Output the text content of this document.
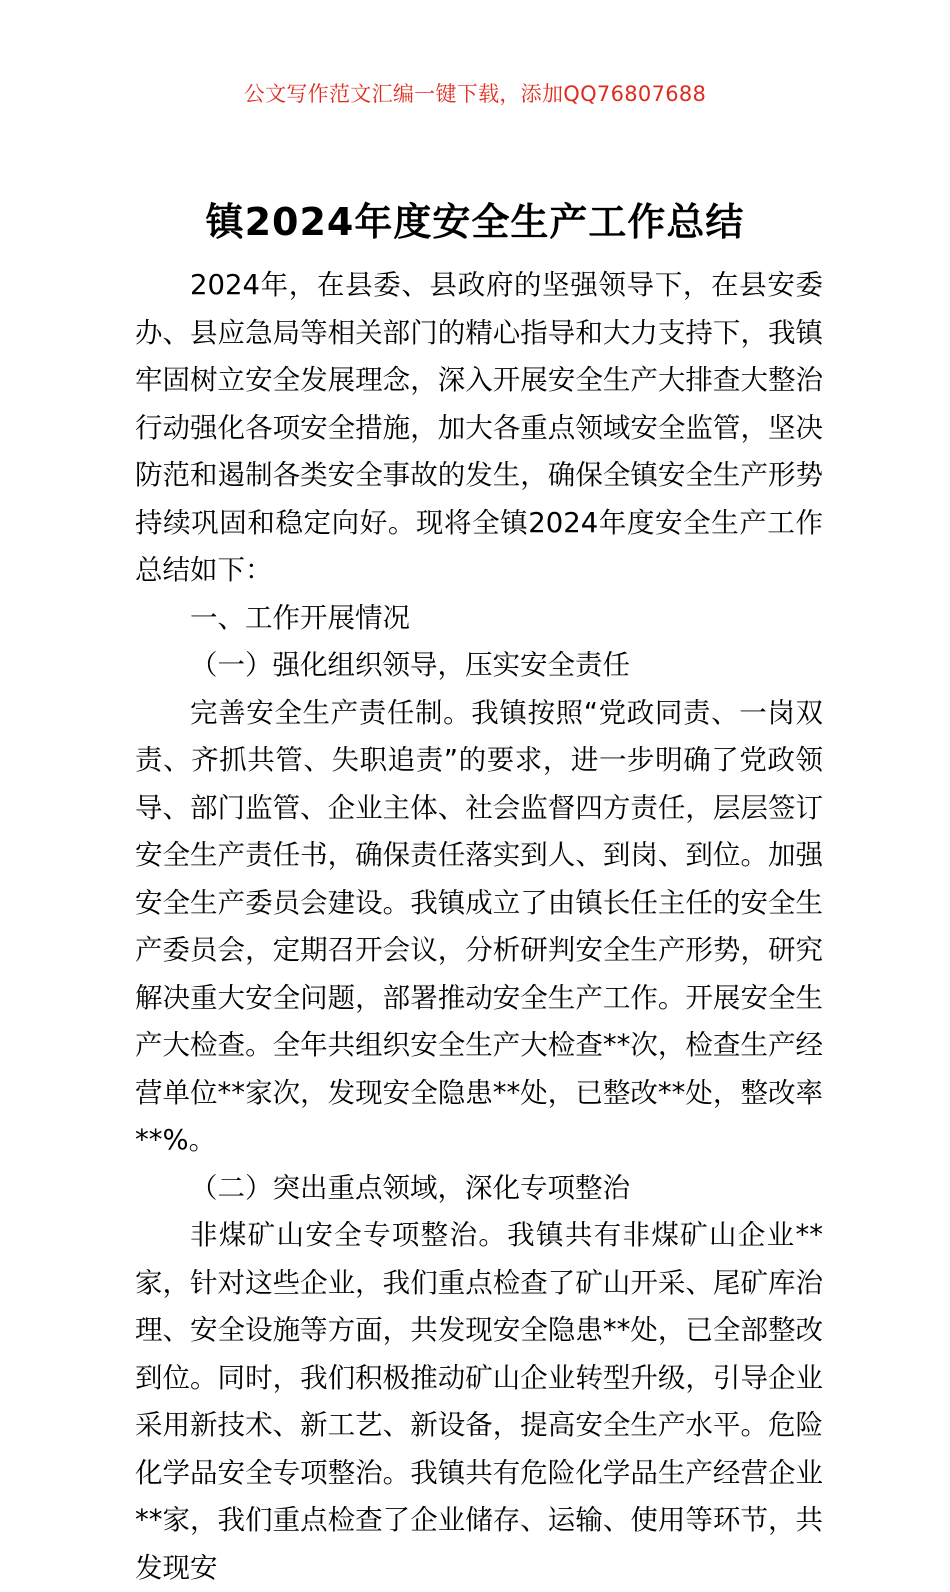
公文写作范文汇编一键下载，添加QQ76807688
镇2024年度安全生产工作总结

2024年，在县委、县政府的坚强领导下，在县安委办、县应急局等相关部门的精心指导和大力支持下，我镇牢固树立安全发展理念，深入开展安全生产大排查大整治行动强化各项安全措施，加大各重点领域安全监管，坚决防范和遏制各类安全事故的发生，确保全镇安全生产形势持续巩固和稳定向好。现将全镇2024年度安全生产工作总结如下：

一、工作开展情况

（一）强化组织领导，压实安全责任

完善安全生产责任制。我镇按照“党政同责、一岗双责、齐抓共管、失职追责”的要求，进一步明确了党政领导、部门监管、企业主体、社会监督四方责任，层层签订安全生产责任书，确保责任落实到人、到岗、到位。加强安全生产委员会建设。我镇成立了由镇长任主任的安全生产委员会，定期召开会议，分析研判安全生产形势，研究解决重大安全问题，部署推动安全生产工作。开展安全生产大检查。全年共组织安全生产大检查**次，检查生产经营单位**家次，发现安全隐患**处，已整改**处，整改率**%。

（二）突出重点领域，深化专项整治

非煤矿山安全专项整治。我镇共有非煤矿山企业**家，针对这些企业，我们重点检查了矿山开采、尾矿库治理、安全设施等方面，共发现安全隐患**处，已全部整改到位。同时，我们积极推动矿山企业转型升级，引导企业采用新技术、新工艺、新设备，提高安全生产水平。危险化学品安全专项整治。我镇共有危险化学品生产经营企业**家，我们重点检查了企业储存、运输、使用等环节，共发现安
